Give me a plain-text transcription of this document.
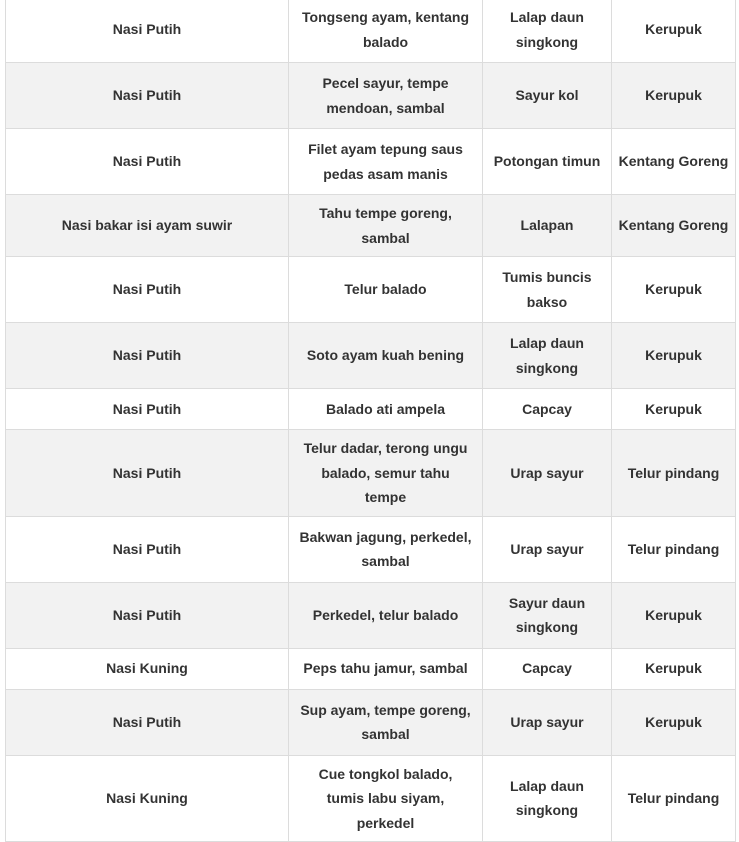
Nasi Putih	Tongseng ayam, kentang balado	Lalap daun singkong	Kerupuk
Nasi Putih	Pecel sayur, tempe mendoan, sambal	Sayur kol	Kerupuk
Nasi Putih	Filet ayam tepung saus pedas asam manis	Potongan timun	Kentang Goreng
Nasi bakar isi ayam suwir	Tahu tempe goreng, sambal	Lalapan	Kentang Goreng
Nasi Putih	Telur balado	Tumis buncis bakso	Kerupuk
Nasi Putih	Soto ayam kuah bening	Lalap daun singkong	Kerupuk
Nasi Putih	Balado ati ampela	Capcay	Kerupuk
Nasi Putih	Telur dadar, terong ungu balado, semur tahu tempe	Urap sayur	Telur pindang
Nasi Putih	Bakwan jagung, perkedel, sambal	Urap sayur	Telur pindang
Nasi Putih	Perkedel, telur balado	Sayur daun singkong	Kerupuk
Nasi Kuning	Peps tahu jamur, sambal	Capcay	Kerupuk
Nasi Putih	Sup ayam, tempe goreng, sambal	Urap sayur	Kerupuk
Nasi Kuning	Cue tongkol balado, tumis labu siyam, perkedel	Lalap daun singkong	Telur pindang
